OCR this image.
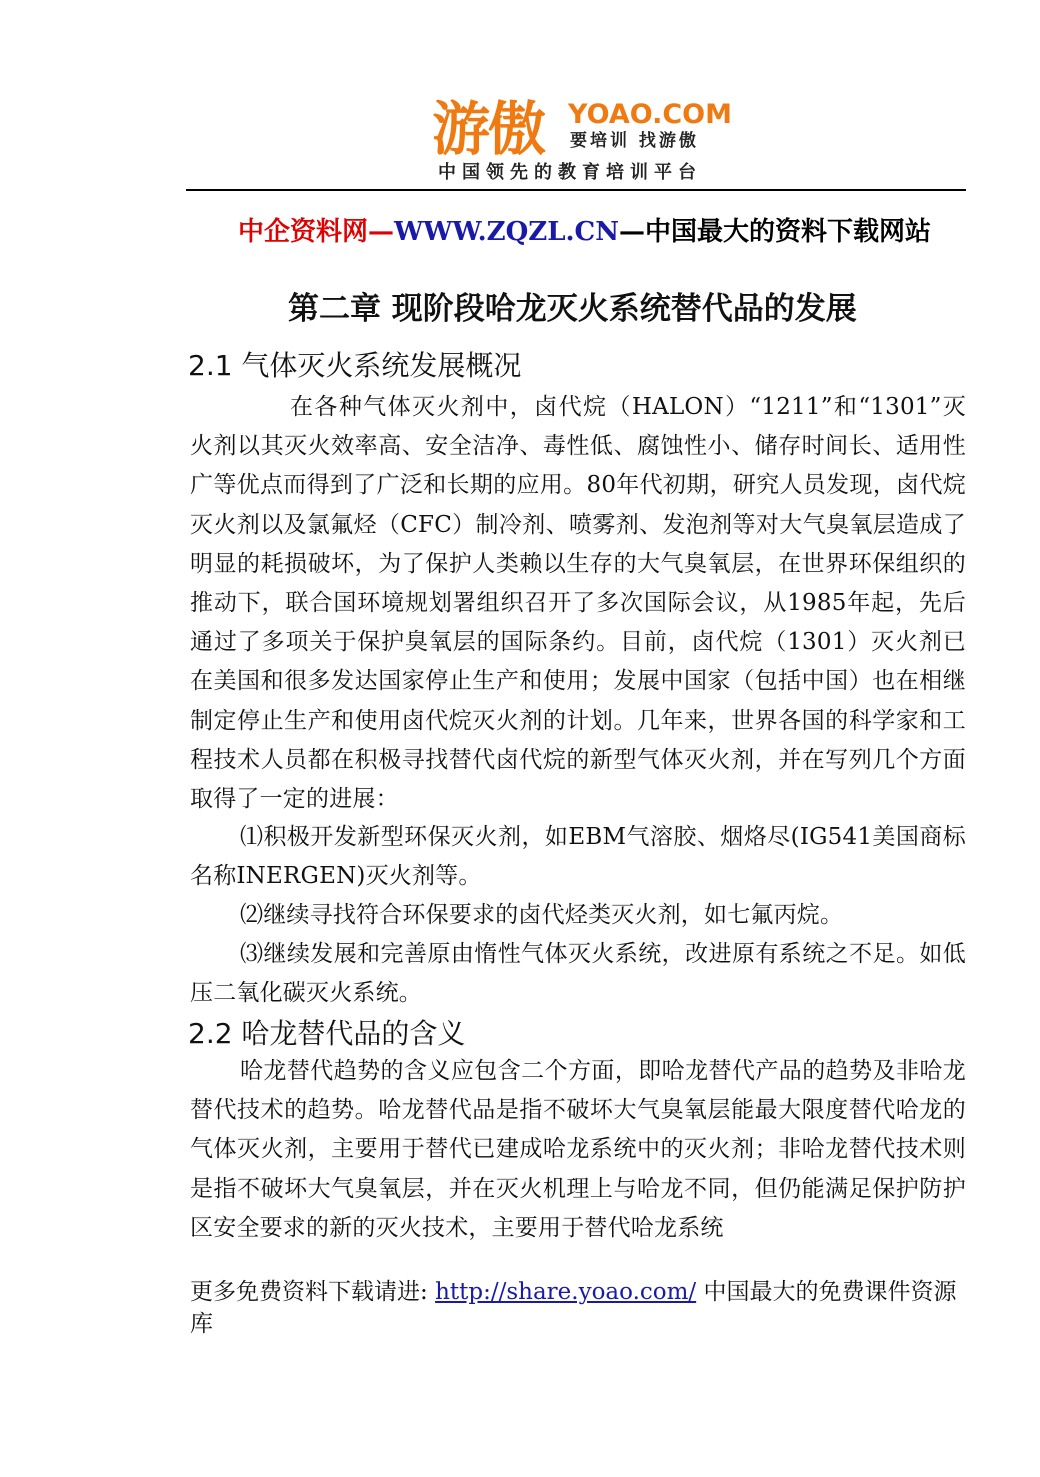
游傲 YOAO.COM
要培训 找游傲
中国领先的教育培训平台
中企资料网—WWW.ZQZL.CN—中国最大的资料下载网站
第二章 现阶段哈龙灭火系统替代品的发展
2.1 气体灭火系统发展概况
在各种气体灭火剂中，卤代烷（HALON）“1211”和“1301”灭火剂以其灭火效率高、安全洁净、毒性低、腐蚀性小、储存时间长、适用性广等优点而得到了广泛和长期的应用。80年代初期，研究人员发现，卤代烷灭火剂以及氯氟烃（CFC）制冷剂、喷雾剂、发泡剂等对大气臭氧层造成了明显的耗损破坏，为了保护人类赖以生存的大气臭氧层，在世界环保组织的推动下，联合国环境规划署组织召开了多次国际会议，从1985年起，先后通过了多项关于保护臭氧层的国际条约。目前，卤代烷（1301）灭火剂已在美国和很多发达国家停止生产和使用；发展中国家（包括中国）也在相继制定停止生产和使用卤代烷灭火剂的计划。几年来，世界各国的科学家和工程技术人员都在积极寻找替代卤代烷的新型气体灭火剂，并在写列几个方面取得了一定的进展：
⑴积极开发新型环保灭火剂，如EBM气溶胶、烟烙尽(IG541美国商标名称INERGEN)灭火剂等。
⑵继续寻找符合环保要求的卤代烃类灭火剂，如七氟丙烷。
⑶继续发展和完善原由惰性气体灭火系统，改进原有系统之不足。如低压二氧化碳灭火系统。
2.2 哈龙替代品的含义
哈龙替代趋势的含义应包含二个方面，即哈龙替代产品的趋势及非哈龙替代技术的趋势。哈龙替代品是指不破坏大气臭氧层能最大限度替代哈龙的气体灭火剂，主要用于替代已建成哈龙系统中的灭火剂；非哈龙替代技术则是指不破坏大气臭氧层，并在灭火机理上与哈龙不同，但仍能满足保护防护区安全要求的新的灭火技术，主要用于替代哈龙系统
更多免费资料下载请进: http://share.yoao.com/ 中国最大的免费课件资源库
